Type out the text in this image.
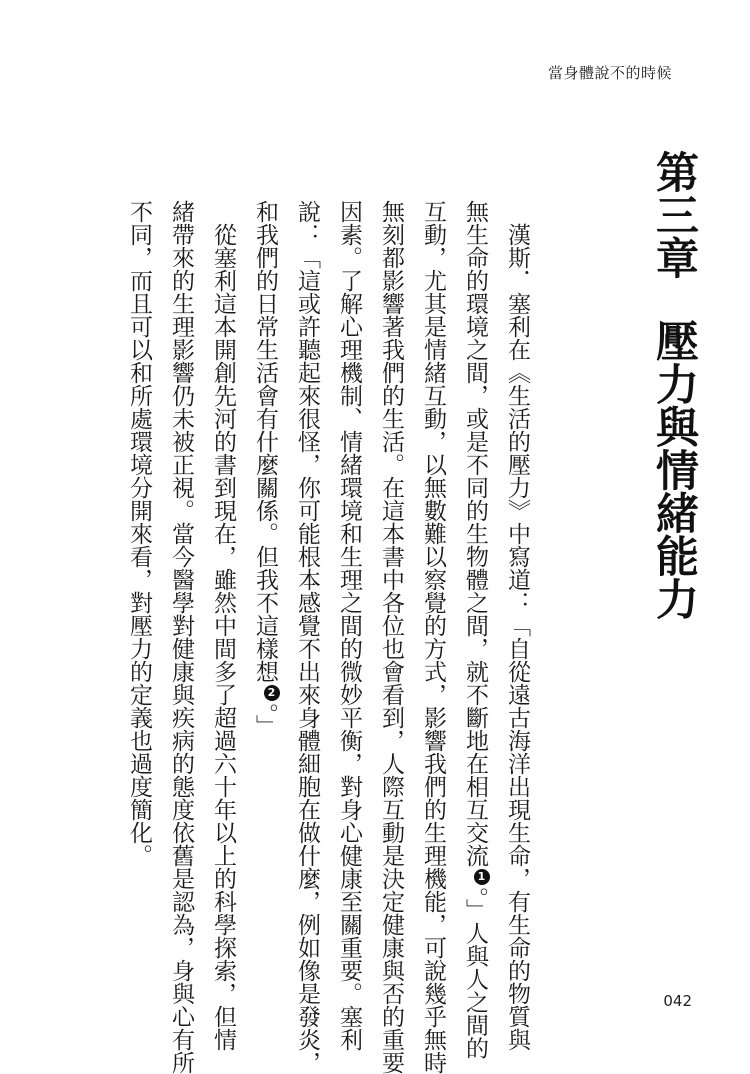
當身體說不的時候
第三章壓力與情緒能力
　漢斯．塞利在《生活的壓力》中寫道：「自從遠古海洋出現生命，有生命的物質與
無生命的環境之間，或是不同的生物體之間，就不斷地在相互交流1。」人與人之間的
互動，尤其是情緒互動，以無數難以察覺的方式，影響我們的生理機能，可說幾乎無時
無刻都影響著我們的生活。在這本書中各位也會看到，人際互動是決定健康與否的重要
因素。了解心理機制、情緒環境和生理之間的微妙平衡，對身心健康至關重要。塞利
說：「這或許聽起來很怪，你可能根本感覺不出來身體細胞在做什麼，例如像是發炎，
和我們的日常生活會有什麼關係。但我不這樣想2。」
　從塞利這本開創先河的書到現在，雖然中間多了超過六十年以上的科學探索，但情
緒帶來的生理影響仍未被正視。當今醫學對健康與疾病的態度依舊是認為，身與心有所
不同，而且可以和所處環境分開來看，對壓力的定義也過度簡化。
042
